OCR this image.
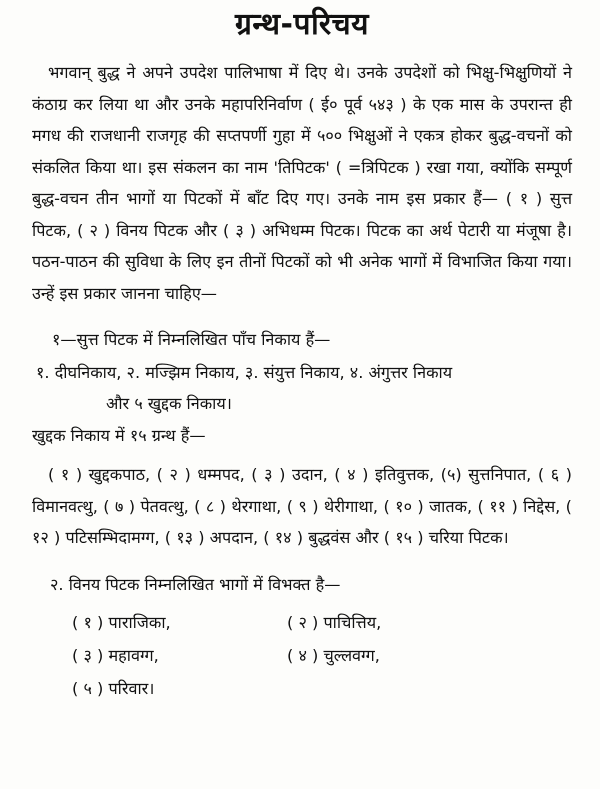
ग्रन्थ-परिचय

भगवान् बुद्ध ने अपने उपदेश पालिभाषा में दिए थे। उनके उपदेशों को भिक्षु-भिक्षुणियों ने कंठाग्र कर लिया था और उनके महापरिनिर्वाण ( ई० पूर्व ५४३ ) के एक मास के उपरान्त ही मगध की राजधानी राजगृह की सप्तपर्णी गुहा में ५०० भिक्षुओं ने एकत्र होकर बुद्ध-वचनों को संकलित किया था। इस संकलन का नाम 'तिपिटक' ( =त्रिपिटक ) रखा गया, क्योंकि सम्पूर्ण बुद्ध-वचन तीन भागों या पिटकों में बाँट दिए गए। उनके नाम इस प्रकार हैं— ( १ ) सुत्त पिटक, ( २ ) विनय पिटक और ( ३ ) अभिधम्म पिटक। पिटक का अर्थ पेटारी या मंजूषा है। पठन-पाठन की सुविधा के लिए इन तीनों पिटकों को भी अनेक भागों में विभाजित किया गया। उन्हें इस प्रकार जानना चाहिए—

१—सुत्त पिटक में निम्नलिखित पाँच निकाय हैं—
१. दीघनिकाय, २. मज्झिम निकाय, ३. संयुत्त निकाय, ४. अंगुत्तर निकाय
और ५ खुद्दक निकाय।
खुद्दक निकाय में १५ ग्रन्थ हैं—

( १ ) खुद्दकपाठ, ( २ ) धम्मपद, ( ३ ) उदान, ( ४ ) इतिवुत्तक, (५) सुत्तनिपात, ( ६ ) विमानवत्थु, ( ७ ) पेतवत्थु, ( ८ ) थेरगाथा, ( ९ ) थेरीगाथा, ( १० ) जातक, ( ११ ) निद्देस, ( १२ ) पटिसम्भिदामग्ग, ( १३ ) अपदान, ( १४ ) बुद्धवंस और ( १५ ) चरिया पिटक।

२. विनय पिटक निम्नलिखित भागों में विभक्त है—
( १ ) पाराजिका,	( २ ) पाचित्तिय,
( ३ ) महावग्ग,	( ४ ) चुल्लवग्ग,
( ५ ) परिवार।
